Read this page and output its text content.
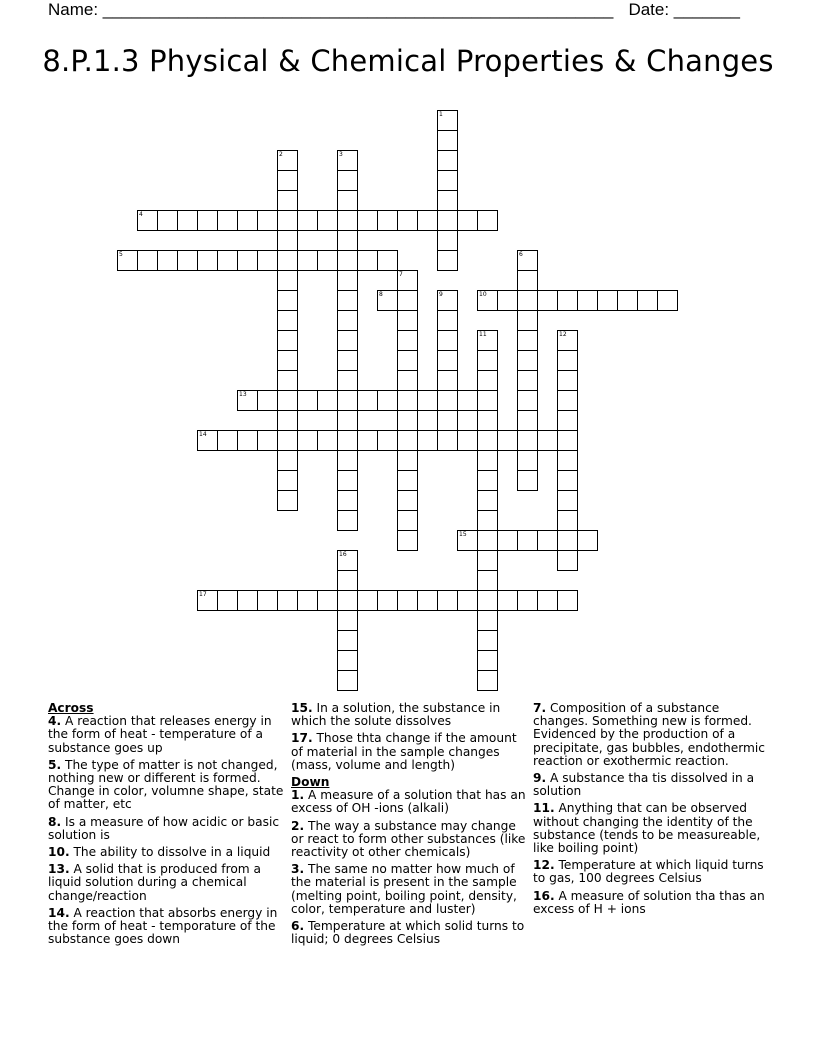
Name: ______________________________________________________ Date: _______
8.P.1.3 Physical & Chemical Properties & Changes
1
2	3
4
5	6
7
8	9	10
11	12
13
14
15
16
17
Across
4. A reaction that releases energy in the form of heat - temperature of a substance goes up
5. The type of matter is not changed, nothing new or different is formed. Change in color, volumne shape, state of matter, etc
8. Is a measure of how acidic or basic solution is
10. The ability to dissolve in a liquid
13. A solid that is produced from a liquid solution during a chemical change/reaction
14. A reaction that absorbs energy in the form of heat - temporature of the substance goes down
15. In a solution, the substance in which the solute dissolves
17. Those thta change if the amount of material in the sample changes (mass, volume and length)
Down
1. A measure of a solution that has an excess of OH -ions (alkali)
2. The way a substance may change or react to form other substances (like reactivity ot other chemicals)
3. The same no matter how much of the material is present in the sample (melting point, boiling point, density, color, temperature and luster)
6. Temperature at which solid turns to liquid; 0 degrees Celsius
7. Composition of a substance changes. Something new is formed. Evidenced by the production of a precipitate, gas bubbles, endothermic reaction or exothermic reaction.
9. A substance tha tis dissolved in a solution
11. Anything that can be observed without changing the identity of the substance (tends to be measureable, like boiling point)
12. Temperature at which liquid turns to gas, 100 degrees Celsius
16. A measure of solution tha thas an excess of H + ions
